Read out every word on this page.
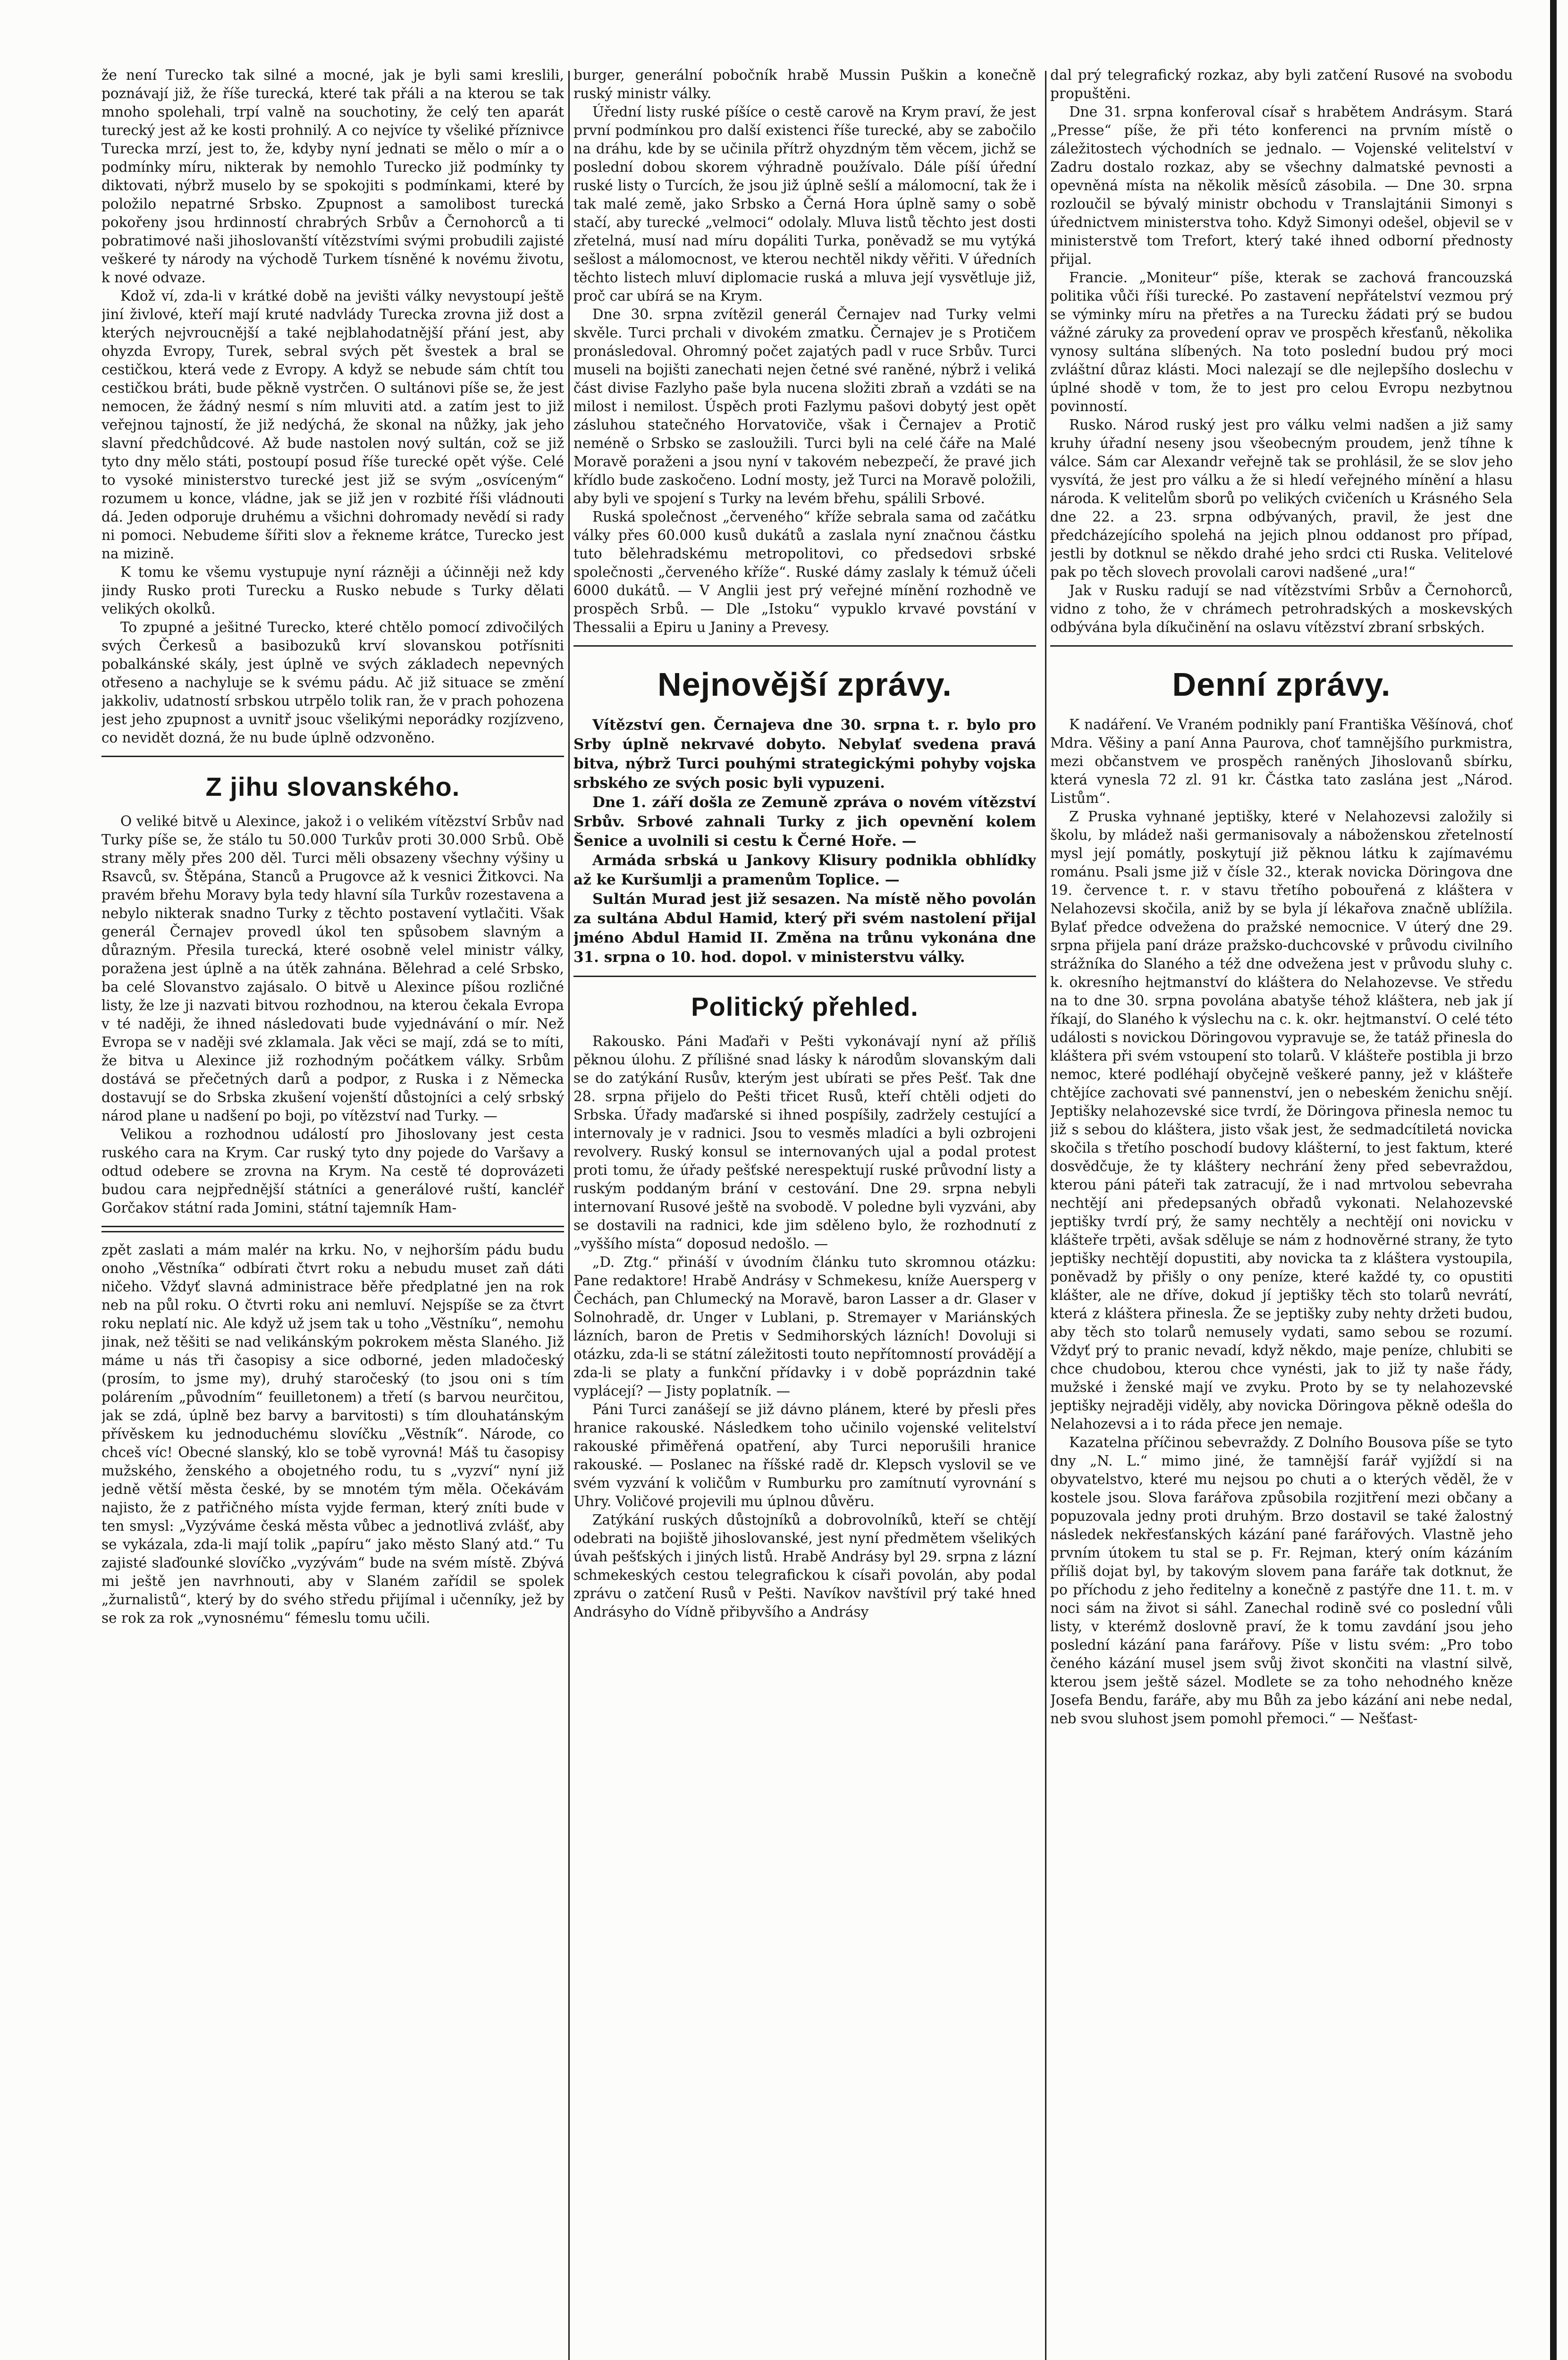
že není Turecko tak silné a mocné, jak je byli sami kreslili, poznávají již, že říše turecká, které tak přáli a na kterou se tak mnoho spolehali, trpí valně na souchotiny, že celý ten aparát turecký jest až ke kosti prohnilý. A co nejvíce ty všeliké příznivce Turecka mrzí, jest to, že, kdyby nyní jednati se mělo o mír a o podmínky míru, nikterak by nemohlo Turecko již podmínky ty diktovati, nýbrž muselo by se spokojiti s podmínkami, které by položilo nepatrné Srbsko. Zpupnost a samolibost turecká pokořeny jsou hrdinností chrabrých Srbův a Černohorců a ti pobratimové naši jihoslovanští vítězstvími svými probudili zajisté veškeré ty národy na východě Turkem tísněné k novému životu, k nové odvaze.

Kdož ví, zda-li v krátké době na jevišti války nevystoupí ještě jiní živlové, kteří mají kruté nadvlády Turecka zrovna již dost a kterých nejvroucnější a také nejblahodatnější přání jest, aby ohyzda Evropy, Turek, sebral svých pět švestek a bral se cestičkou, která vede z Evropy. A když se nebude sám chtít tou cestičkou bráti, bude pěkně vystrčen. O sultánovi píše se, že jest nemocen, že žádný nesmí s ním mluviti atd. a zatím jest to již veřejnou tajností, že již nedýchá, že skonal na nůžky, jak jeho slavní předchůdcové. Až bude nastolen nový sultán, což se již tyto dny mělo státi, postoupí posud říše turecké opět výše. Celé to vysoké ministerstvo turecké jest již se svým „osvíceným“ rozumem u konce, vládne, jak se již jen v rozbité říši vládnouti dá. Jeden odporuje druhému a všichni dohromady nevědí si rady ni pomoci. Nebudeme šířiti slov a řekneme krátce, Turecko jest na mizině.

K tomu ke všemu vystupuje nyní rázněji a účinněji než kdy jindy Rusko proti Turecku a Rusko nebude s Turky dělati velikých okolků.

To zpupné a ješitné Turecko, které chtělo pomocí zdivočilých svých Čerkesů a basibozuků krví slovanskou potřísniti pobalkánské skály, jest úplně ve svých základech nepevných otřeseno a nachyluje se k svému pádu. Ač již situace se změní jakkoliv, udatností srbskou utrpělo tolik ran, že v prach pohozena jest jeho zpupnost a uvnitř jsouc všelikými neporádky rozjízveno, co nevidět dozná, že nu bude úplně odzvoněno.

Z jihu slovanského.

O veliké bitvě u Alexince, jakož i o velikém vítězství Srbův nad Turky píše se, že stálo tu 50.000 Turkův proti 30.000 Srbů. Obě strany měly přes 200 děl. Turci měli obsazeny všechny výšiny u Rsavců, sv. Štěpána, Stanců a Prugovce až k vesnici Žitkovci. Na pravém břehu Moravy byla tedy hlavní síla Turkův rozestavena a nebylo nikterak snadno Turky z těchto postavení vytlačiti. Však generál Černajev provedl úkol ten spůsobem slavným a důrazným. Přesila turecká, které osobně velel ministr války, poražena jest úplně a na útěk zahnána. Bělehrad a celé Srbsko, ba celé Slovanstvo zajásalo. O bitvě u Alexince píšou rozličné listy, že lze ji nazvati bitvou rozhodnou, na kterou čekala Evropa v té naději, že ihned následovati bude vyjednávání o mír. Než Evropa se v naději své zklamala. Jak věci se mají, zdá se to míti, že bitva u Alexince již rozhodným počátkem války. Srbům dostává se přečetných darů a podpor, z Ruska i z Německa dostavují se do Srbska zkušení vojenští důstojníci a celý srbský národ plane u nadšení po boji, po vítězství nad Turky. —

Velikou a rozhodnou událostí pro Jihoslovany jest cesta ruského cara na Krym. Car ruský tyto dny pojede do Varšavy a odtud odebere se zrovna na Krym. Na cestě té doprovázeti budou cara nejpřednější státníci a generálové ruští, kancléř Gorčakov státní rada Jomini, státní tajemník Ham-

zpět zaslati a mám malér na krku. No, v nejhorším pádu budu onoho „Věstníka“ odbírati čtvrt roku a nebudu muset zaň dáti ničeho. Vždyť slavná administrace běře předplatné jen na rok neb na půl roku. O čtvrti roku ani nemluví. Nejspíše se za čtvrt roku neplatí nic. Ale když už jsem tak u toho „Věstníku“, nemohu jinak, než těšiti se nad velikánským pokrokem města Slaného. Již máme u nás tři časopisy a sice odborné, jeden mladočeský (prosím, to jsme my), druhý staročeský (to jsou oni s tím polárením „původním“ feuilletonem) a třetí (s barvou neurčitou, jak se zdá, úplně bez barvy a barvitosti) s tím dlouhatánským přívěskem ku jednoduchému slovíčku „Věstník“. Národe, co chceš víc! Obecné slanský, klo se tobě vyrovná! Máš tu časopisy mužského, ženského a obojetného rodu, tu s „vyzví“ nyní již jedně větší města české, by se mnotém tým měla. Očekávám najisto, že z patřičného místa vyjde ferman, který zníti bude v ten smysl: „Vyzýváme česká města vůbec a jednotlivá zvlášť, aby se vykázala, zda-li mají tolik „papíru“ jako město Slaný atd.“ Tu zajisté slaďounké slovíčko „vyzývám“ bude na svém místě. Zbývá mi ještě jen navrhnouti, aby v Slaném zařídil se spolek „žurnalistů“, který by do svého středu přijímal i učenníky, jež by se rok za rok „vynosnému“ fémeslu tomu učili.

burger, generální pobočník hrabě Mussin Puškin a konečně ruský ministr války.

Úřední listy ruské píšíce o cestě carově na Krym praví, že jest první podmínkou pro další existenci říše turecké, aby se zabočilo na dráhu, kde by se učinila přítrž ohyzdným těm věcem, jichž se poslední dobou skorem výhradně používalo. Dále píší úřední ruské listy o Turcích, že jsou již úplně sešlí a málomocní, tak že i tak malé země, jako Srbsko a Černá Hora úplně samy o sobě stačí, aby turecké „velmoci“ odolaly. Mluva listů těchto jest dosti zřetelná, musí nad míru dopáliti Turka, poněvadž se mu vytýká sešlost a málomocnost, ve kterou nechtěl nikdy věřiti. V úředních těchto listech mluví diplomacie ruská a mluva její vysvětluje již, proč car ubírá se na Krym.

Dne 30. srpna zvítězil generál Černajev nad Turky velmi skvěle. Turci prchali v divokém zmatku. Černajev je s Protičem pronásledoval. Ohromný počet zajatých padl v ruce Srbův. Turci museli na bojišti zanechati nejen četné své raněné, nýbrž i veliká část divise Fazlyho paše byla nucena složiti zbraň a vzdáti se na milost i nemilost. Úspěch proti Fazlymu pašovi dobytý jest opět zásluhou statečného Horvatoviče, však i Černajev a Protič neméně o Srbsko se zasloužili. Turci byli na celé čáře na Malé Moravě poraženi a jsou nyní v takovém nebezpečí, že pravé jich křídlo bude zaskočeno. Lodní mosty, jež Turci na Moravě položili, aby byli ve spojení s Turky na levém břehu, spálili Srbové.

Ruská společnost „červeného“ kříže sebrala sama od začátku války přes 60.000 kusů dukátů a zaslala nyní značnou částku tuto bělehradskému metropolitovi, co předsedovi srbské společnosti „červeného kříže“. Ruské dámy zaslaly k témuž účeli 6000 dukátů. — V Anglii jest prý veřejné mínění rozhodně ve prospěch Srbů. — Dle „Istoku“ vypuklo krvavé povstání v Thessalii a Epiru u Janiny a Prevesy.

Nejnovější zprávy.

Vítězství gen. Černajeva dne 30. srpna t. r. bylo pro Srby úplně nekrvavé dobyto. Nebylať svedena pravá bitva, nýbrž Turci pouhými strategickými pohyby vojska srbského ze svých posic byli vypuzeni.

Dne 1. září došla ze Zemuně zpráva o novém vítězství Srbův. Srbové zahnali Turky z jich opevnění kolem Šenice a uvolnili si cestu k Černé Hoře. —

Armáda srbská u Jankovy Klisury podnikla obhlídky až ke Kuršumlji a pramenům Toplice. —

Sultán Murad jest již sesazen. Na místě něho povolán za sultána Abdul Hamid, který při svém nastolení přijal jméno Abdul Hamid II. Změna na trůnu vykonána dne 31. srpna o 10. hod. dopol. v ministerstvu války.

Politický přehled.

Rakousko. Páni Maďaři v Pešti vykonávají nyní až příliš pěknou úlohu. Z přílišné snad lásky k národům slovanským dali se do zatýkání Rusův, kterým jest ubírati se přes Pešť. Tak dne 28. srpna přijelo do Pešti třicet Rusů, kteří chtěli odjeti do Srbska. Úřady maďarské si ihned pospíšily, zadržely cestující a internovaly je v radnici. Jsou to vesměs mladíci a byli ozbrojeni revolvery. Ruský konsul se internovaných ujal a podal protest proti tomu, že úřady pešťské nerespektují ruské průvodní listy a ruským poddaným brání v cestování. Dne 29. srpna nebyli internovaní Rusové ještě na svobodě. V poledne byli vyzváni, aby se dostavili na radnici, kde jim sděleno bylo, že rozhodnutí z „vyššího místa“ doposud nedošlo. —

„D. Ztg.“ přináší v úvodním článku tuto skromnou otázku: Pane redaktore! Hrabě Andrásy v Schmekesu, kníže Auersperg v Čechách, pan Chlumecký na Moravě, baron Lasser a dr. Glaser v Solnohradě, dr. Unger v Lublani, p. Stremayer v Mariánských lázních, baron de Pretis v Sedmihorských lázních! Dovoluji si otázku, zda-li se státní záležitosti touto nepřítomností provádějí a zda-li se platy a funkční přídavky i v době poprázdnin také vyplácejí? — Jisty poplatník. —

Páni Turci zanášejí se již dávno plánem, které by přesli přes hranice rakouské. Následkem toho učinilo vojenské velitelství rakouské přiměřená opatření, aby Turci neporušili hranice rakouské. — Poslanec na říšské radě dr. Klepsch vyslovil se ve svém vyzvání k voličům v Rumburku pro zamítnutí vyrovnání s Uhry. Voličové projevili mu úplnou důvěru.

Zatýkání ruských důstojníků a dobrovolníků, kteří se chtějí odebrati na bojiště jihoslovanské, jest nyní předmětem všelikých úvah pešťských i jiných listů. Hrabě Andrásy byl 29. srpna z lázní schmekeských cestou telegrafickou k císaři povolán, aby podal zprávu o zatčení Rusů v Pešti. Navíkov navštívil prý také hned Andrásyho do Vídně přibyvšího a Andrásy

dal prý telegrafický rozkaz, aby byli zatčení Rusové na svobodu propuštěni.

Dne 31. srpna konferoval císař s hrabětem Andrásym. Stará „Presse“ píše, že při této konferenci na prvním místě o záležitostech východních se jednalo. — Vojenské velitelství v Zadru dostalo rozkaz, aby se všechny dalmatské pevnosti a opevněná místa na několik měsíců zásobila. — Dne 30. srpna rozloučil se bývalý ministr obchodu v Translajtánii Simonyi s úřednictvem ministerstva toho. Když Simonyi odešel, objevil se v ministerstvě tom Trefort, který také ihned odborní přednosty přijal.

Francie. „Moniteur“ píše, kterak se zachová francouzská politika vůči říši turecké. Po zastavení nepřátelství vezmou prý se výminky míru na přetřes a na Turecku žádati prý se budou vážné záruky za provedení oprav ve prospěch křesťanů, několika vynosy sultána slíbených. Na toto poslední budou prý moci zvláštní důraz klásti. Moci nalezají se dle nejlepšího doslechu v úplné shodě v tom, že to jest pro celou Evropu nezbytnou povinností.

Rusko. Národ ruský jest pro válku velmi nadšen a již samy kruhy úřadní neseny jsou všeobecným proudem, jenž tíhne k válce. Sám car Alexandr veřejně tak se prohlásil, že se slov jeho vysvítá, že jest pro válku a že si hledí veřejného mínění a hlasu národa. K velitelům sborů po velikých cvičeních u Krásného Sela dne 22. a 23. srpna odbývaných, pravil, že jest dne předcházejícího spolehá na jejich plnou oddanost pro případ, jestli by dotknul se někdo drahé jeho srdci cti Ruska. Velitelové pak po těch slovech provolali carovi nadšené „ura!“

Jak v Rusku radují se nad vítězstvími Srbův a Černohorců, vidno z toho, že v chrámech petrohradských a moskevských odbývána byla díkučinění na oslavu vítězství zbraní srbských.

Denní zprávy.

K nadáření. Ve Vraném podnikly paní Františka Věšínová, choť Mdra. Věšiny a paní Anna Paurova, choť tamnějšího purkmistra, mezi občanstvem ve prospěch raněných Jihoslovanů sbírku, která vynesla 72 zl. 91 kr. Částka tato zaslána jest „Národ. Listům“.

Z Pruska vyhnané jeptišky, které v Nelahozevsi založily si školu, by mládež naši germanisovaly a náboženskou zřetelností mysl její pomátly, poskytují již pěknou látku k zajímavému románu. Psali jsme již v čísle 32., kterak novicka Döringova dne 19. července t. r. v stavu třetího pobouřená z kláštera v Nelahozevsi skočila, aniž by se byla jí lékařova značně ublížila. Bylať předce odvežena do pražské nemocnice. V úterý dne 29. srpna přijela paní dráze pražsko-duchcovské v průvodu civilního strážníka do Slaného a též dne odvežena jest v průvodu sluhy c. k. okresního hejtmanství do kláštera do Nelahozevse. Ve středu na to dne 30. srpna povolána abatyše téhož kláštera, neb jak jí říkají, do Slaného k výslechu na c. k. okr. hejtmanství. O celé této události s novickou Döringovou vypravuje se, že tatáž přinesla do kláštera při svém vstoupení sto tolarů. V klášteře postibla ji brzo nemoc, které podléhají obyčejně veškeré panny, jež v klášteře chtějíce zachovati své pannenství, jen o nebeském ženichu snějí. Jeptišky nelahozevské sice tvrdí, že Döringova přinesla nemoc tu již s sebou do kláštera, jisto však jest, že sedmadcítiletá novicka skočila s třetího poschodí budovy klášterní, to jest faktum, které dosvědčuje, že ty kláštery nechrání ženy před sebevraždou, kterou páni páteři tak zatracují, že i nad mrtvolou sebevraha nechtějí ani předepsaných obřadů vykonati. Nelahozevské jeptišky tvrdí prý, že samy nechtěly a nechtějí oni novicku v klášteře trpěti, avšak sděluje se nám z hodnověrné strany, že tyto jeptišky nechtějí dopustiti, aby novicka ta z kláštera vystoupila, poněvadž by přišly o ony peníze, které každé ty, co opustiti klášter, ale ne dříve, dokud jí jeptišky těch sto tolarů nevrátí, která z kláštera přinesla. Že se jeptišky zuby nehty držeti budou, aby těch sto tolarů nemusely vydati, samo sebou se rozumí. Vždyť prý to pranic nevadí, když někdo, maje peníze, chlubiti se chce chudobou, kterou chce vynésti, jak to již ty naše řády, mužské i ženské mají ve zvyku. Proto by se ty nelahozevské jeptišky nejraději viděly, aby novicka Döringova pěkně odešla do Nelahozevsi a i to ráda přece jen nemaje.

Kazatelna příčinou sebevraždy. Z Dolního Bousova píše se tyto dny „N. L.“ mimo jiné, že tamnější farář vyjíždí si na obyvatelstvo, které mu nejsou po chuti a o kterých věděl, že v kostele jsou. Slova farářova způsobila rozjitření mezi občany a popuzovala jedny proti druhým. Brzo dostavil se také žalostný následek nekřesťanských kázání pané farářových. Vlastně jeho prvním útokem tu stal se p. Fr. Rejman, který oním kázáním příliš dojat byl, by takovým slovem pana faráře tak dotknut, že po příchodu z jeho ředitelny a konečně z pastýře dne 11. t. m. v noci sám na život si sáhl. Zanechal rodině své co poslední vůli listy, v kterémž doslovně praví, že k tomu zavdání jsou jeho poslední kázání pana farářovy. Píše v listu svém: „Pro tobo čeného kázání musel jsem svůj život skončiti na vlastní silvě, kterou jsem ještě sázel. Modlete se za toho nehodného kněze Josefa Bendu, faráře, aby mu Bůh za jebo kázání ani nebe nedal, neb svou sluhost jsem pomohl přemoci.“ — Nešťast-
